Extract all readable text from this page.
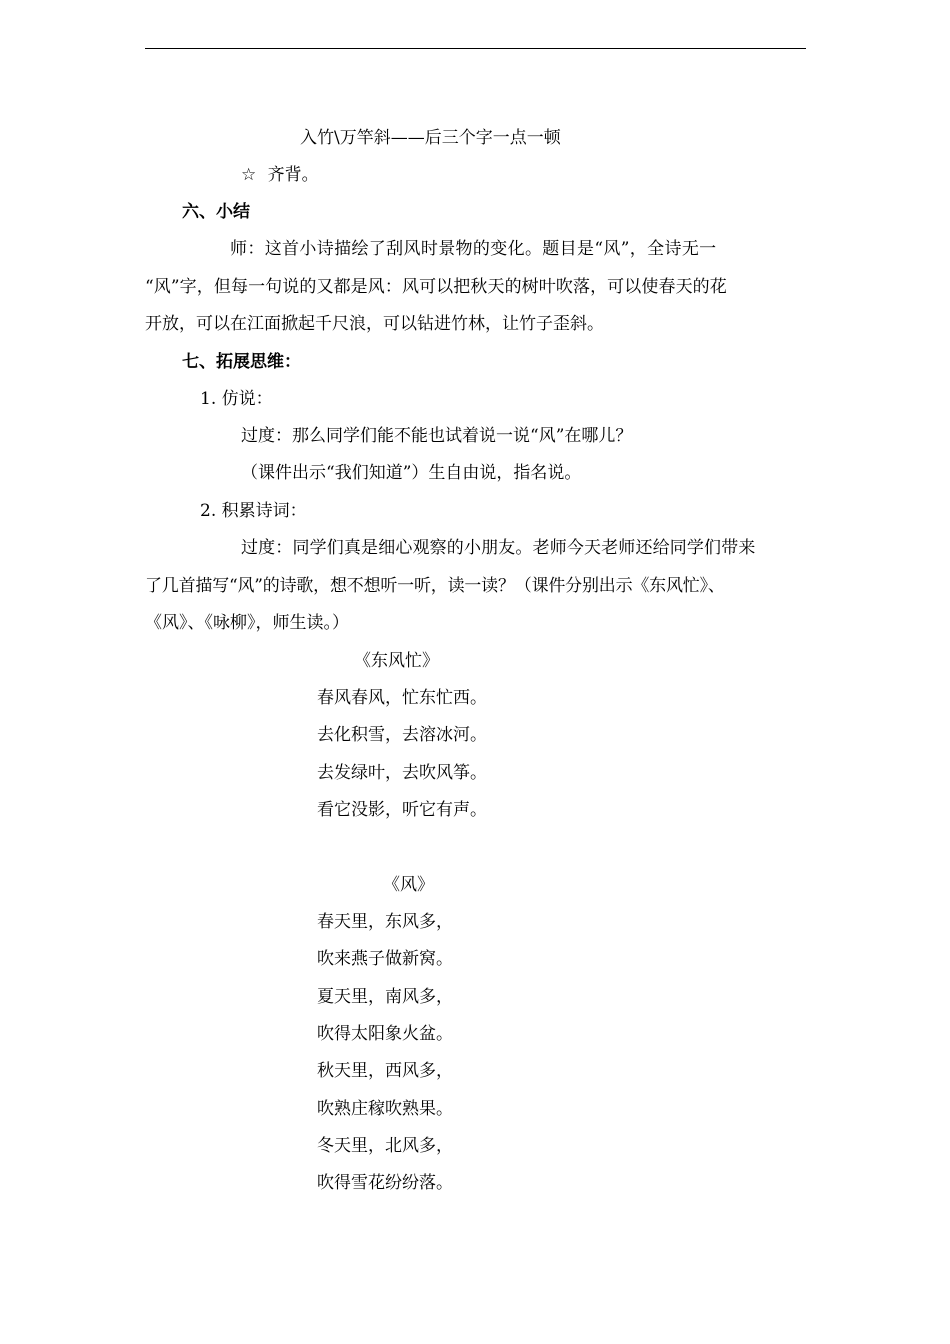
入竹\万竿斜——后三个字一点一顿
☆ 齐背。
六、小结
师：这首小诗描绘了刮风时景物的变化。题目是“风”，全诗无一
“风”字，但每一句说的又都是风：风可以把秋天的树叶吹落，可以使春天的花
开放，可以在江面掀起千尺浪，可以钻进竹林，让竹子歪斜。
七、拓展思维：
1. 仿说：
过度：那么同学们能不能也试着说一说“风”在哪儿？
（课件出示“我们知道”）生自由说，指名说。
2. 积累诗词：
过度：同学们真是细心观察的小朋友。老师今天老师还给同学们带来
了几首描写“风”的诗歌，想不想听一听，读一读？（课件分别出示《东风忙》、
《风》、《咏柳》，师生读。）
《东风忙》
春风春风，忙东忙西。
去化积雪，去溶冰河。
去发绿叶，去吹风筝。
看它没影，听它有声。
《风》
春天里，东风多，
吹来燕子做新窝。
夏天里，南风多，
吹得太阳象火盆。
秋天里，西风多，
吹熟庄稼吹熟果。
冬天里，北风多，
吹得雪花纷纷落。
